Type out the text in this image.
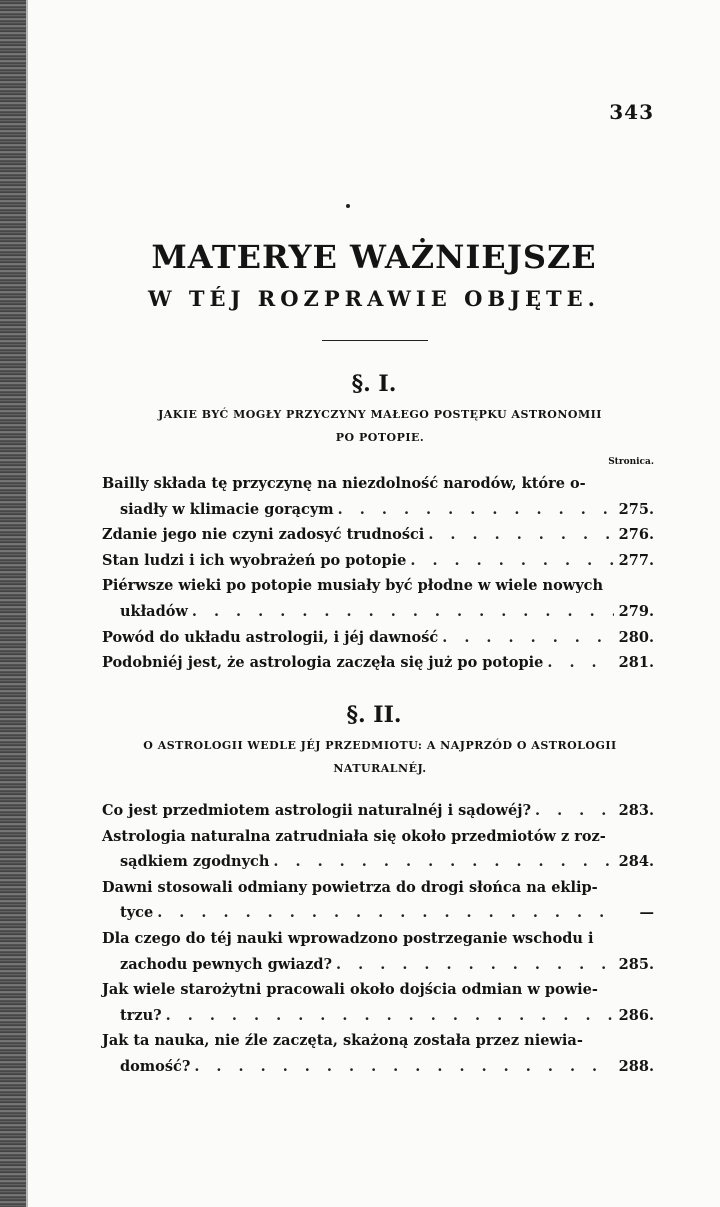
343
MATERYE WAŻNIEJSZE
W TÉJ ROZPRAWIE OBJĘTE.
§. I.
JAKIE BYĆ MOGŁY PRZYCZYNY MAŁEGO POSTĘPKU ASTRONOMII
PO POTOPIE.
Stronica.
Bailly składa tę przyczynę na niezdolność narodów, które o-
siadły w klimacie gorącym . . .	275.
Zdanie jego nie czyni zadosyć trudności . . .	276.
Stan ludzi i ich wyobrażeń po potopie . . .	277.
Piérwsze wieki po potopie musiały być płodne w wiele nowych
układów . . .	279.
Powód do układu astrologii, i jéj dawność . . .	280.
Podobniéj jest, że astrologia zaczęła się już po potopie . . .	281.
§. II.
O ASTROLOGII WEDLE JÉJ PRZEDMIOTU: A NAJPRZÓD O ASTROLOGII
NATURALNÉJ.
Co jest przedmiotem astrologii naturalnéj i sądowéj? . . .	283.
Astrologia naturalna zatrudniała się około przedmiotów z roz-
sądkiem zgodnych . . .	284.
Dawni stosowali odmiany powietrza do drogi słońca na eklip-
tyce . . .	—
Dla czego do téj nauki wprowadzono postrzeganie wschodu i
zachodu pewnych gwiazd? . . .	285.
Jak wiele starożytni pracowali około dojścia odmian w powie-
trzu? . . .	286.
Jak ta nauka, nie źle zaczęta, skażoną została przez niewia-
domość? . . .	288.
